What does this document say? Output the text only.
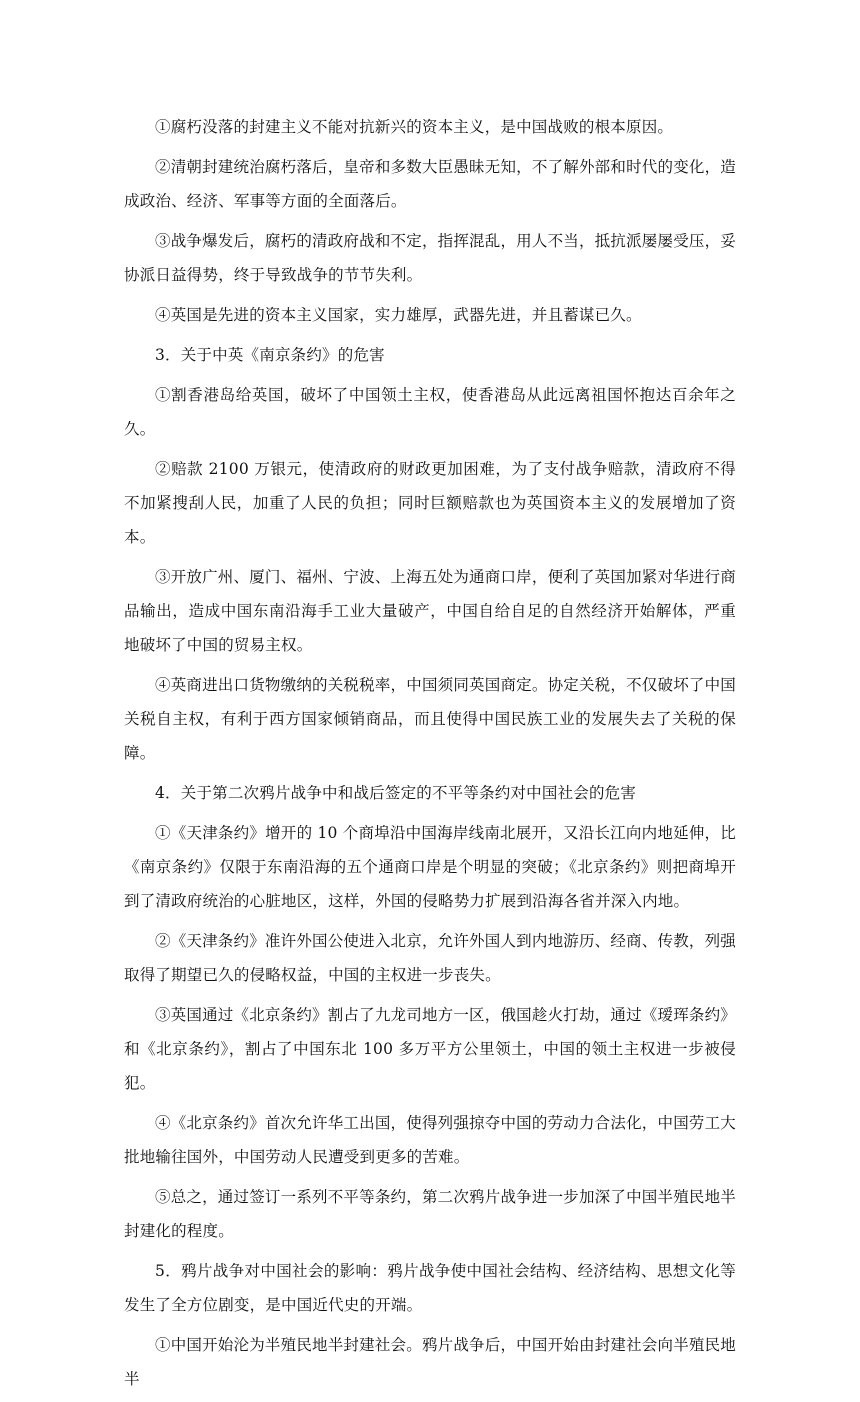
①腐朽没落的封建主义不能对抗新兴的资本主义，是中国战败的根本原因。

②清朝封建统治腐朽落后，皇帝和多数大臣愚昧无知，不了解外部和时代的变化，造成政治、经济、军事等方面的全面落后。

③战争爆发后，腐朽的清政府战和不定，指挥混乱，用人不当，抵抗派屡屡受压，妥协派日益得势，终于导致战争的节节失利。

④英国是先进的资本主义国家，实力雄厚，武器先进，并且蓄谋已久。

3．关于中英《南京条约》的危害

①割香港岛给英国，破坏了中国领土主权，使香港岛从此远离祖国怀抱达百余年之久。

②赔款 2100 万银元，使清政府的财政更加困难，为了支付战争赔款，清政府不得不加紧搜刮人民，加重了人民的负担；同时巨额赔款也为英国资本主义的发展增加了资本。

③开放广州、厦门、福州、宁波、上海五处为通商口岸，便利了英国加紧对华进行商品输出，造成中国东南沿海手工业大量破产，中国自给自足的自然经济开始解体，严重地破坏了中国的贸易主权。

④英商进出口货物缴纳的关税税率，中国须同英国商定。协定关税，不仅破坏了中国关税自主权，有利于西方国家倾销商品，而且使得中国民族工业的发展失去了关税的保障。

4．关于第二次鸦片战争中和战后签定的不平等条约对中国社会的危害

①《天津条约》增开的 10 个商埠沿中国海岸线南北展开，又沿长江向内地延伸，比《南京条约》仅限于东南沿海的五个通商口岸是个明显的突破；《北京条约》则把商埠开到了清政府统治的心脏地区，这样，外国的侵略势力扩展到沿海各省并深入内地。

②《天津条约》准许外国公使进入北京，允许外国人到内地游历、经商、传教，列强取得了期望已久的侵略权益，中国的主权进一步丧失。

③英国通过《北京条约》割占了九龙司地方一区，俄国趁火打劫，通过《瑷珲条约》和《北京条约》，割占了中国东北 100 多万平方公里领土，中国的领土主权进一步被侵犯。

④《北京条约》首次允许华工出国，使得列强掠夺中国的劳动力合法化，中国劳工大批地输往国外，中国劳动人民遭受到更多的苦难。

⑤总之，通过签订一系列不平等条约，第二次鸦片战争进一步加深了中国半殖民地半封建化的程度。

5．鸦片战争对中国社会的影响：鸦片战争使中国社会结构、经济结构、思想文化等发生了全方位剧变，是中国近代史的开端。

①中国开始沦为半殖民地半封建社会。鸦片战争后，中国开始由封建社会向半殖民地半
